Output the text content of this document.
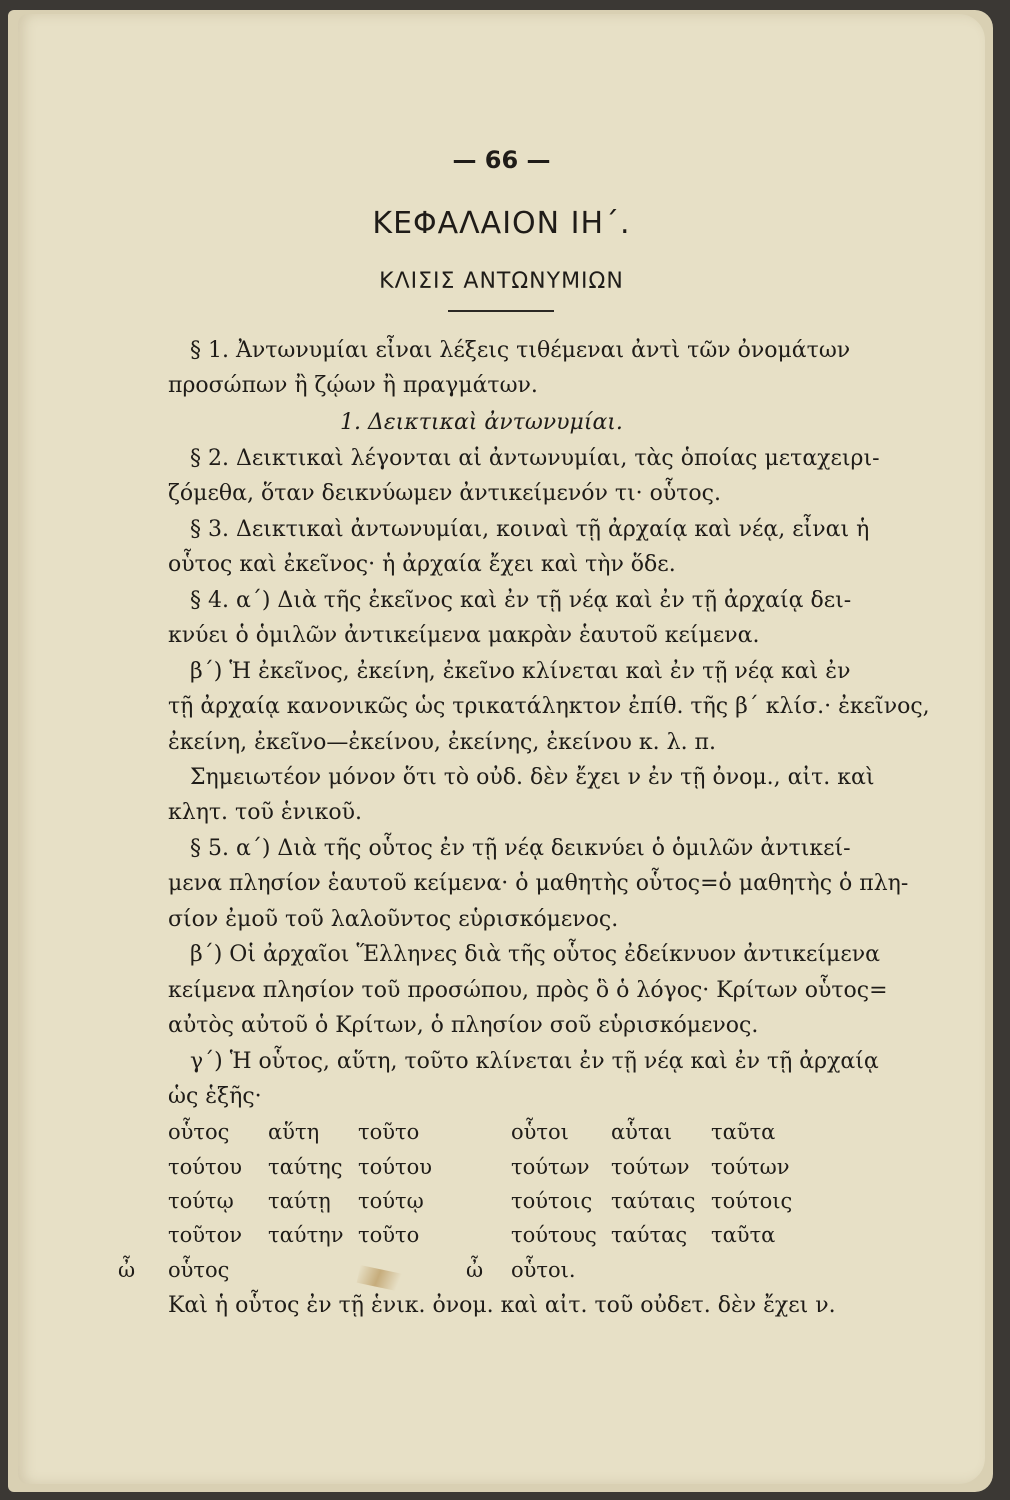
— 66 —
ΚΕΦΑΛΑΙΟΝ ΙΗ΄.
ΚΛΙΣΙΣ ΑΝΤΩΝΥΜΙΩΝ
§ 1. Ἀντωνυμίαι εἶναι λέξεις τιθέμεναι ἀντὶ τῶν ὀνομάτων
προσώπων ἢ ζῴων ἢ πραγμάτων.
1. Δεικτικαὶ ἀντωνυμίαι.
§ 2. Δεικτικαὶ λέγονται αἱ ἀντωνυμίαι, τὰς ὁποίας μεταχειρι-
ζόμεθα, ὅταν δεικνύωμεν ἀντικείμενόν τι· οὗτος.
§ 3. Δεικτικαὶ ἀντωνυμίαι, κοιναὶ τῇ ἀρχαίᾳ καὶ νέᾳ, εἶναι ἡ
οὗτος καὶ ἐκεῖνος· ἡ ἀρχαία ἔχει καὶ τὴν ὅδε.
§ 4. α΄) Διὰ τῆς ἐκεῖνος καὶ ἐν τῇ νέᾳ καὶ ἐν τῇ ἀρχαίᾳ δει-
κνύει ὁ ὁμιλῶν ἀντικείμενα μακρὰν ἑαυτοῦ κείμενα.
β΄) Ἡ ἐκεῖνος, ἐκείνη, ἐκεῖνο κλίνεται καὶ ἐν τῇ νέᾳ καὶ ἐν
τῇ ἀρχαίᾳ κανονικῶς ὡς τρικατάληκτον ἐπίθ. τῆς β΄ κλίσ.· ἐκεῖνος,
ἐκείνη, ἐκεῖνο—ἐκείνου, ἐκείνης, ἐκείνου κ. λ. π.
Σημειωτέον μόνον ὅτι τὸ οὐδ. δὲν ἔχει ν ἐν τῇ ὀνομ., αἰτ. καὶ
κλητ. τοῦ ἑνικοῦ.
§ 5. α΄) Διὰ τῆς οὗτος ἐν τῇ νέᾳ δεικνύει ὁ ὁμιλῶν ἀντικεί-
μενα πλησίον ἑαυτοῦ κείμενα· ὁ μαθητὴς οὗτος=ὁ μαθητὴς ὁ πλη-
σίον ἐμοῦ τοῦ λαλοῦντος εὑρισκόμενος.
β΄) Οἱ ἀρχαῖοι Ἕλληνες διὰ τῆς οὗτος ἐδείκνυον ἀντικείμενα
κείμενα πλησίον τοῦ προσώπου, πρὸς ὃ ὁ λόγος· Κρίτων οὗτος=
αὐτὸς αὐτοῦ ὁ Κρίτων, ὁ πλησίον σοῦ εὑρισκόμενος.
γ΄) Ἡ οὗτος, αὕτη, τοῦτο κλίνεται ἐν τῇ νέᾳ καὶ ἐν τῇ ἀρχαίᾳ
ὡς ἑξῆς·
οὗτος αὕτη τοῦτο	οὗτοι αὗται ταῦτα
τούτου ταύτης τούτου	τούτων τούτων τούτων
τούτῳ ταύτῃ τούτῳ	τούτοις ταύταις τούτοις
τοῦτον ταύτην τοῦτο	τούτους ταύτας ταῦτα
ὦ οὗτος	ὦ οὗτοι.
Καὶ ἡ οὗτος ἐν τῇ ἑνικ. ὀνομ. καὶ αἰτ. τοῦ οὐδετ. δὲν ἔχει ν.
